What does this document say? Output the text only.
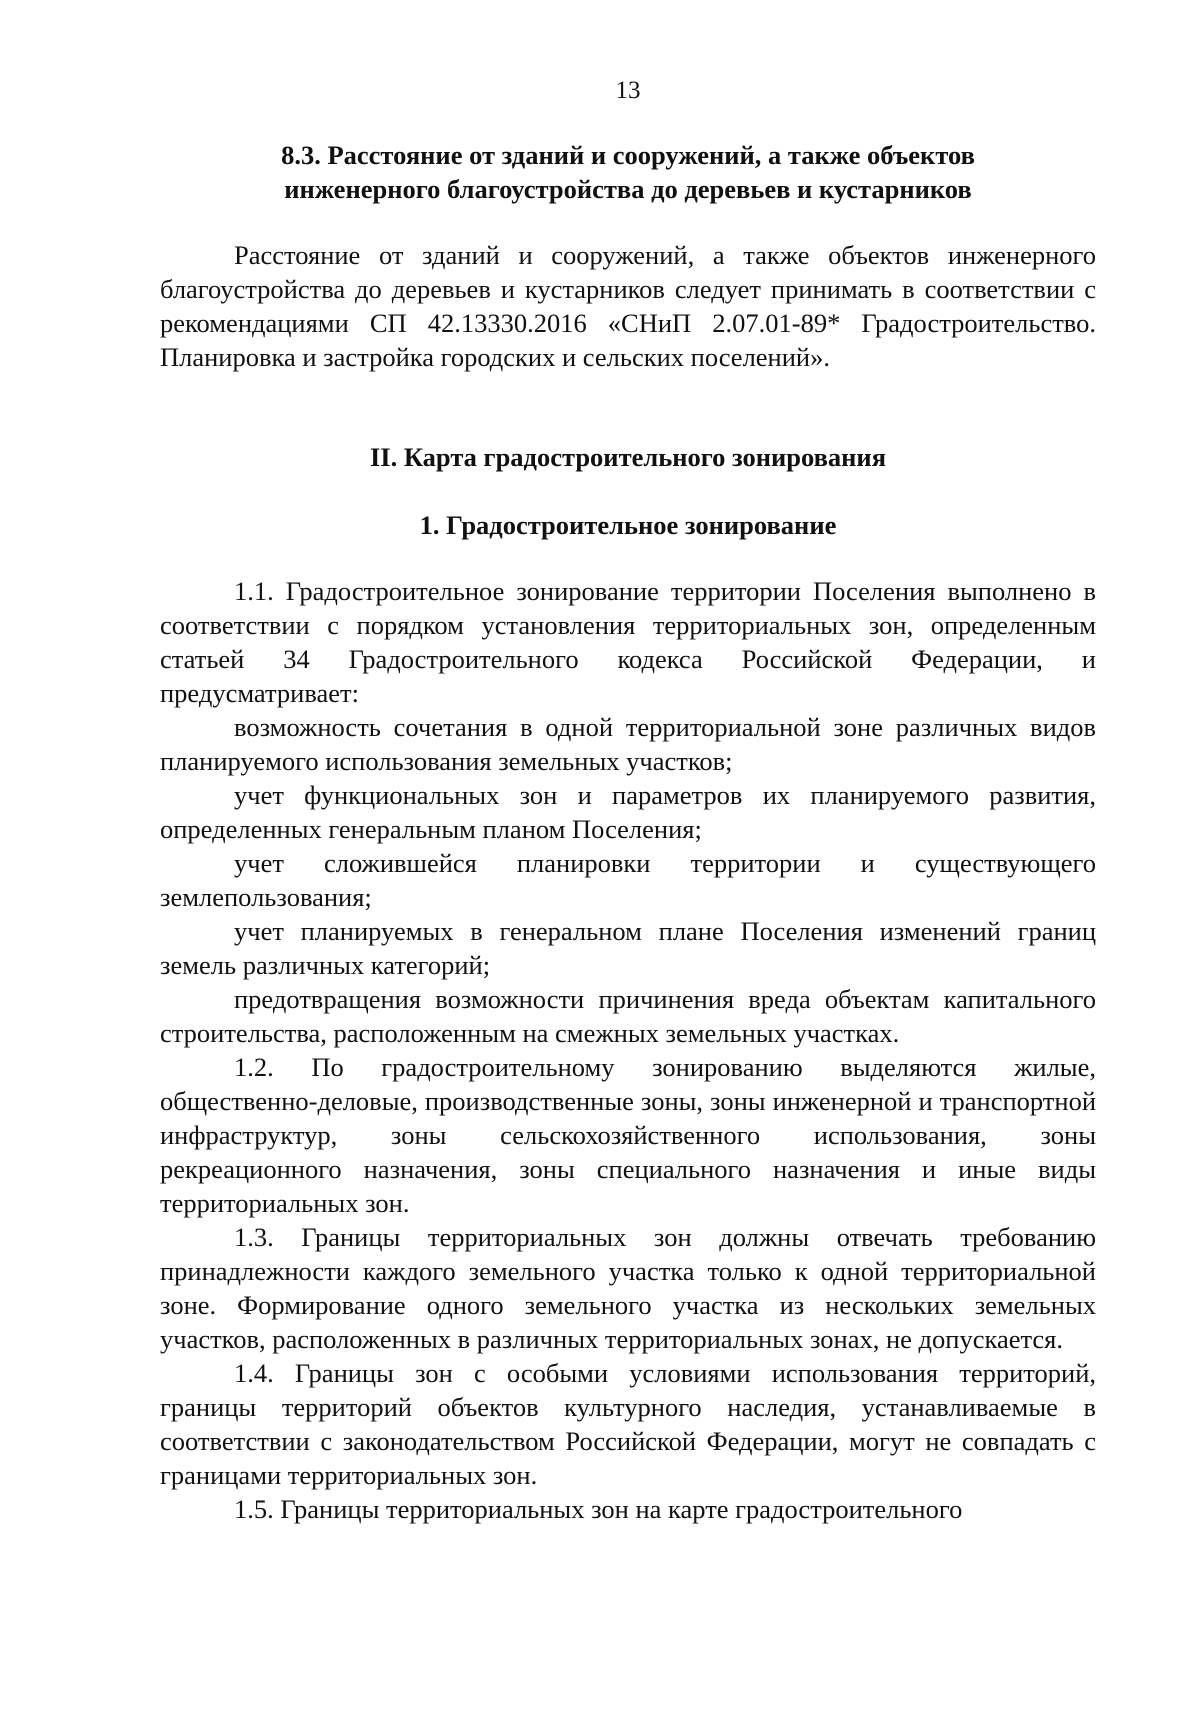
13
8.3. Расстояние от зданий и сооружений, а также объектов
инженерного благоустройства до деревьев и кустарников

Расстояние от зданий и сооружений, а также объектов инженерного благоустройства до деревьев и кустарников следует принимать в соответствии с рекомендациями СП 42.13330.2016 «СНиП 2.07.01-89* Градостроительство. Планировка и застройка городских и сельских поселений».

II. Карта градостроительного зонирования
1. Градостроительное зонирование

1.1. Градостроительное зонирование территории Поселения выполнено в соответствии с порядком установления территориальных зон, определенным статьей 34 Градостроительного кодекса Российской Федерации, и предусматривает:

возможность сочетания в одной территориальной зоне различных видов планируемого использования земельных участков;

учет функциональных зон и параметров их планируемого развития, определенных генеральным планом Поселения;

учет сложившейся планировки территории и существующего землепользования;

учет планируемых в генеральном плане Поселения изменений границ земель различных категорий;

предотвращения возможности причинения вреда объектам капитального строительства, расположенным на смежных земельных участках.

1.2. По градостроительному зонированию выделяются жилые, общественно-деловые, производственные зоны, зоны инженерной и транспортной инфраструктур, зоны сельскохозяйственного использования, зоны рекреационного назначения, зоны специального назначения и иные виды территориальных зон.

1.3. Границы территориальных зон должны отвечать требованию принадлежности каждого земельного участка только к одной территориальной зоне. Формирование одного земельного участка из нескольких земельных участков, расположенных в различных территориальных зонах, не допускается.

1.4. Границы зон с особыми условиями использования территорий, границы территорий объектов культурного наследия, устанавливаемые в соответствии с законодательством Российской Федерации, могут не совпадать с границами территориальных зон.

1.5. Границы территориальных зон на карте градостроительного
